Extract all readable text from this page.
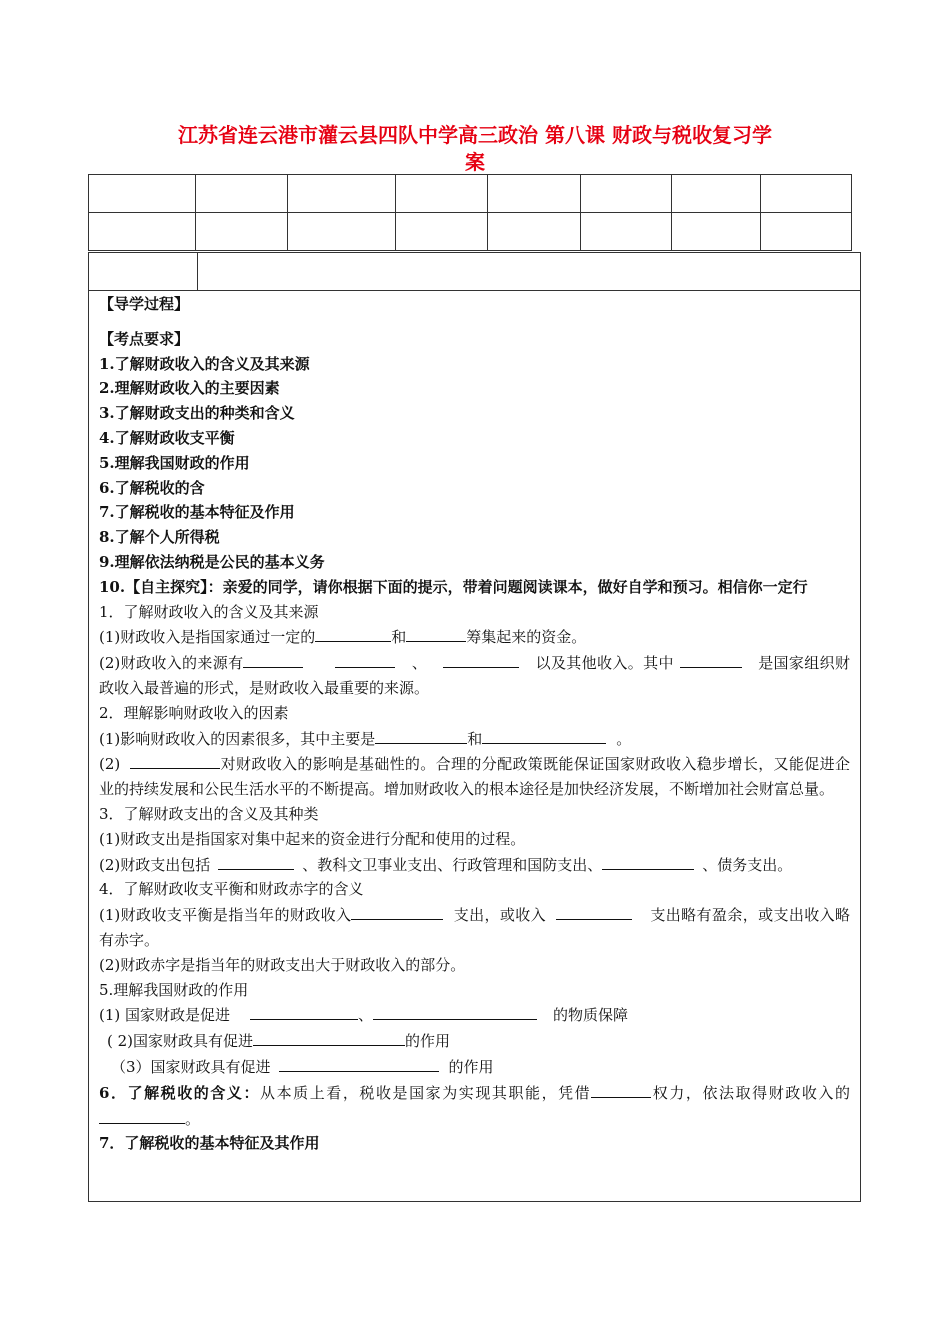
江苏省连云港市灌云县四队中学高三政治 第八课 财政与税收复习学
案

【导学过程】

【考点要求】

1.了解财政收入的含义及其来源

2.理解财政收入的主要因素

3.了解财政支出的种类和含义

4.了解财政收支平衡

5.理解我国财政的作用

6.了解税收的含

7.了解税收的基本特征及作用

8.了解个人所得税

9.理解依法纳税是公民的基本义务

10.【自主探究】：亲爱的同学，请你根据下面的提示，带着问题阅读课本，做好自学和预习。相信你一定行

1．了解财政收入的含义及其来源

(1)财政收入是指国家通过一定的	和	筹集起来的资金。

(2)财政收入的来源有	、	以及其他收入。其中	是国家组织财政收入最普遍的形式，是财政收入最重要的来源。

2．理解影响财政收入的因素

(1)影响财政收入的因素很多，其中主要是	和	。

(2)	对财政收入的影响是基础性的。合理的分配政策既能保证国家财政收入稳步增长，又能促进企业的持续发展和公民生活水平的不断提高。增加财政收入的根本途径是加快经济发展，不断增加社会财富总量。

3．了解财政支出的含义及其种类

(1)财政支出是指国家对集中起来的资金进行分配和使用的过程。

(2)财政支出包括	、教科文卫事业支出、行政管理和国防支出、	、债务支出。

4．了解财政收支平衡和财政赤字的含义

(1)财政收支平衡是指当年的财政收入	支出，或收入	支出略有盈余，或支出收入略有赤字。

(2)财政赤字是指当年的财政支出大于财政收入的部分。

5.理解我国财政的作用

(1) 国家财政是促进	、	的物质保障

( 2)国家财政具有促进	的作用

（3）国家财政具有促进	的作用

6．了解税收的含义：从本质上看，税收是国家为实现其职能，凭借	权力，依法取得财政收入的。

7．了解税收的基本特征及其作用
